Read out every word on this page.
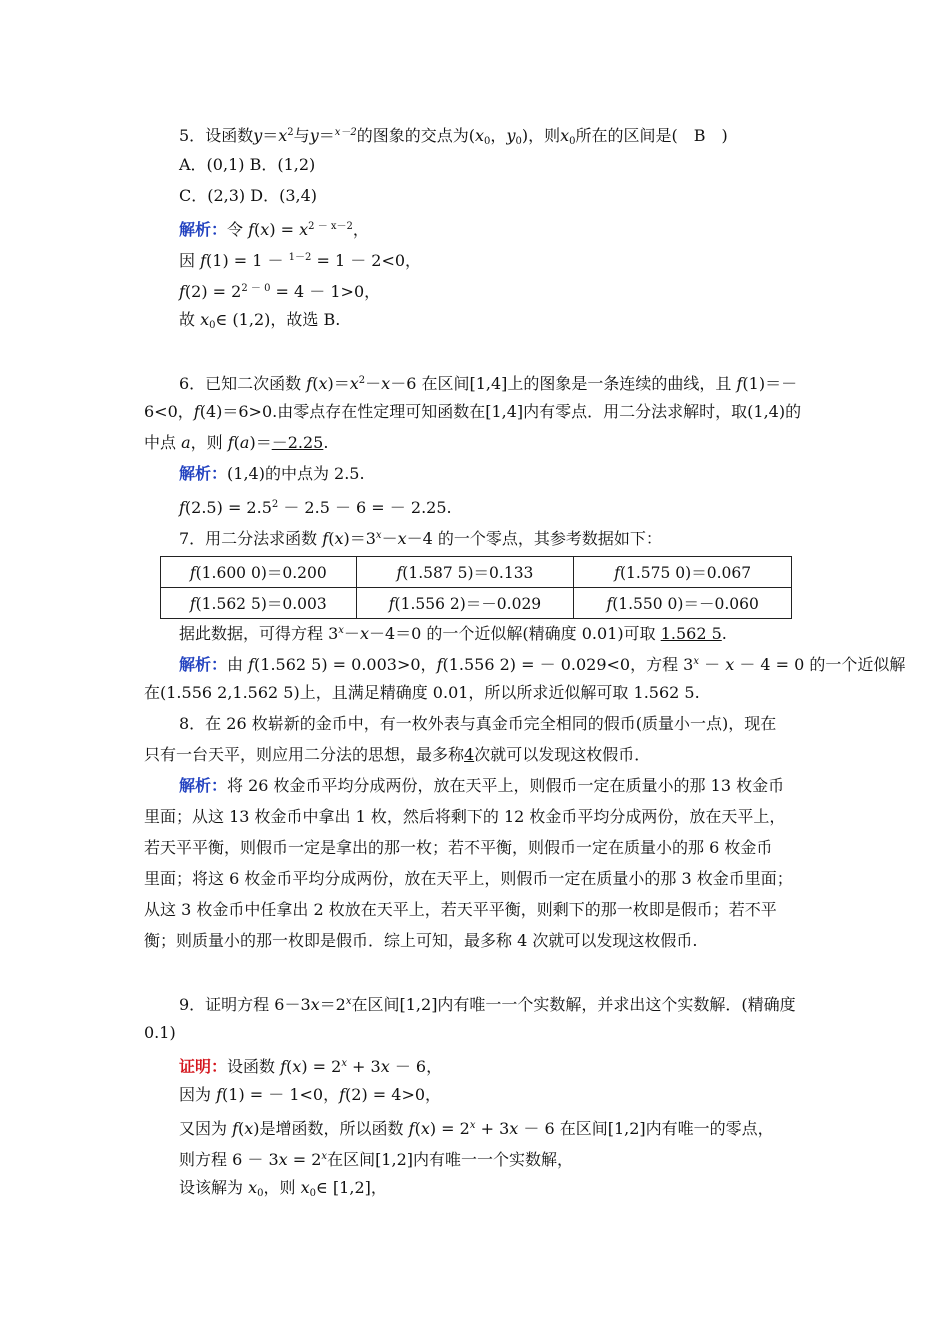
5．设函数$y=x^2$与y＝$^{x-2}$的图象的交点为($x_0$，$y_0$)，则$x_0$所在的区间是(　B　)
A．(0,1) B．(1,2)
C．(2,3) D．(3,4)
解析：令 $f(x) = x^{2 - x-2}$，
因 f(1) = 1 － $^{1-2}$ = 1 － 2<0，
$f(2) = 2^{2 - 0} = 4 - 1>0$，
故 $x_0\in$ (1,2)，故选 B.
6．已知二次函数 $f(x)=x^2-x-6$ 在区间[1,4]上的图象是一条连续的曲线，且 f(1)＝－
6<0，f(4)＝6>0.由零点存在性定理可知函数在[1,4]内有零点．用二分法求解时，取(1,4)的
中点 a，则 f(a)＝－2.25.
解析：(1,4)的中点为 2.5.
$f(2.5) = 2.5^2 - 2.5 - 6$ = － 2.25.
7．用二分法求函数 $f(x)=3^x-x-4$ 的一个零点，其参考数据如下：
f(1.600 0)＝0.200	f(1.587 5)＝0.133	f(1.575 0)＝0.067
f(1.562 5)＝0.003	f(1.556 2)＝－0.029	f(1.550 0)＝－0.060
据此数据，可得方程 $3^x-x-4=0$ 的一个近似解(精确度 0.01)可取 1.562 5.
解析：由 f(1.562 5) = 0.003>0，f(1.556 2) = － 0.029<0，方程 $3^x - x - 4 = 0$ 的一个近似解
在(1.556 2,1.562 5)上，且满足精确度 0.01，所以所求近似解可取 1.562 5.
8．在 26 枚崭新的金币中，有一枚外表与真金币完全相同的假币(质量小一点)，现在
只有一台天平，则应用二分法的思想，最多称4次就可以发现这枚假币．
解析：将 26 枚金币平均分成两份，放在天平上，则假币一定在质量小的那 13 枚金币
里面；从这 13 枚金币中拿出 1 枚，然后将剩下的 12 枚金币平均分成两份，放在天平上，
若天平平衡，则假币一定是拿出的那一枚；若不平衡，则假币一定在质量小的那 6 枚金币
里面；将这 6 枚金币平均分成两份，放在天平上，则假币一定在质量小的那 3 枚金币里面；
从这 3 枚金币中任拿出 2 枚放在天平上，若天平平衡，则剩下的那一枚即是假币；若不平
衡；则质量小的那一枚即是假币．综上可知，最多称 4 次就可以发现这枚假币.
9．证明方程 $6-3x=2^x$在区间[1,2]内有唯一一个实数解，并求出这个实数解．(精确度
0.1)
证明：设函数 $f(x) = 2^x + 3x - 6$，
因为 f(1) = － 1<0，f(2) = 4>0，
又因为 f(x)是增函数，所以函数 $f(x) = 2^x + 3x - 6$ 在区间[1,2]内有唯一的零点，
则方程 $6 - 3x = 2^x$在区间[1,2]内有唯一一个实数解，
设该解为 $x_0$，则 $x_0\in$ [1,2]，
